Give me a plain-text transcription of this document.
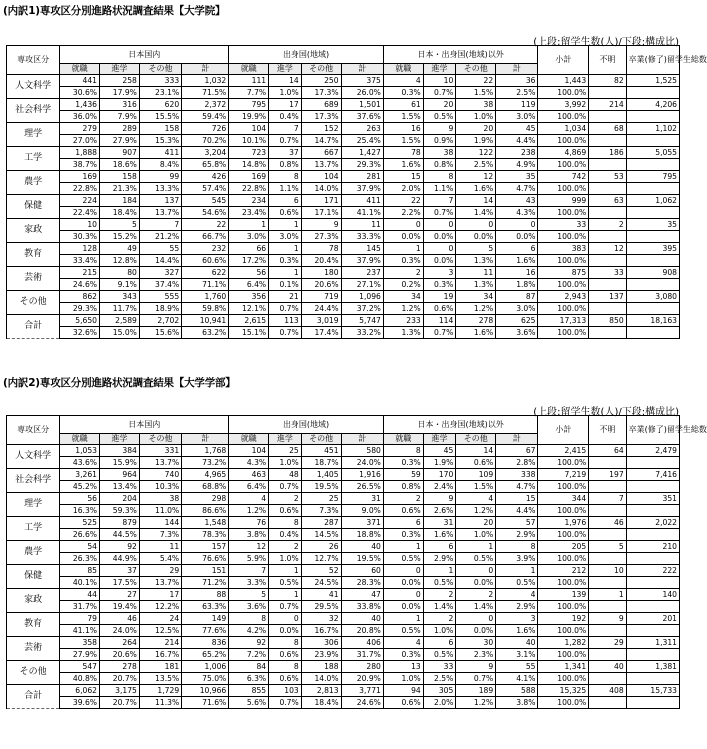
(内訳1)専攻区分別進路状況調査結果【大学院】
(上段:留学生数(人)/下段:構成比)
専攻区分	日本国内				出身国(地域)				日本・出身国(地域)以外				小計	不明	卒業(修了)留学生総数
	就職	進学	その他	計	就職	進学	その他	計	就職	進学	その他	計			
人文科学	441	258	333	1,032	111	14	250	375	4	10	22	36	1,443	82	1,525
	30.6%	17.9%	23.1%	71.5%	7.7%	1.0%	17.3%	26.0%	0.3%	0.7%	1.5%	2.5%	100.0%		
社会科学	1,436	316	620	2,372	795	17	689	1,501	61	20	38	119	3,992	214	4,206
	36.0%	7.9%	15.5%	59.4%	19.9%	0.4%	17.3%	37.6%	1.5%	0.5%	1.0%	3.0%	100.0%		
理学	279	289	158	726	104	7	152	263	16	9	20	45	1,034	68	1,102
	27.0%	27.9%	15.3%	70.2%	10.1%	0.7%	14.7%	25.4%	1.5%	0.9%	1.9%	4.4%	100.0%		
工学	1,888	907	411	3,204	723	37	667	1,427	78	38	122	238	4,869	186	5,055
	38.7%	18.6%	8.4%	65.8%	14.8%	0.8%	13.7%	29.3%	1.6%	0.8%	2.5%	4.9%	100.0%		
農学	169	158	99	426	169	8	104	281	15	8	12	35	742	53	795
	22.8%	21.3%	13.3%	57.4%	22.8%	1.1%	14.0%	37.9%	2.0%	1.1%	1.6%	4.7%	100.0%		
保健	224	184	137	545	234	6	171	411	22	7	14	43	999	63	1,062
	22.4%	18.4%	13.7%	54.6%	23.4%	0.6%	17.1%	41.1%	2.2%	0.7%	1.4%	4.3%	100.0%		
家政	10	5	7	22	1	1	9	11	0	0	0	0	33	2	35
	30.3%	15.2%	21.2%	66.7%	3.0%	3.0%	27.3%	33.3%	0.0%	0.0%	0.0%	0.0%	100.0%		
教育	128	49	55	232	66	1	78	145	1	0	5	6	383	12	395
	33.4%	12.8%	14.4%	60.6%	17.2%	0.3%	20.4%	37.9%	0.3%	0.0%	1.3%	1.6%	100.0%		
芸術	215	80	327	622	56	1	180	237	2	3	11	16	875	33	908
	24.6%	9.1%	37.4%	71.1%	6.4%	0.1%	20.6%	27.1%	0.2%	0.3%	1.3%	1.8%	100.0%		
その他	862	343	555	1,760	356	21	719	1,096	34	19	34	87	2,943	137	3,080
	29.3%	11.7%	18.9%	59.8%	12.1%	0.7%	24.4%	37.2%	1.2%	0.6%	1.2%	3.0%	100.0%		
合計	5,650	2,589	2,702	10,941	2,615	113	3,019	5,747	233	114	278	625	17,313	850	18,163
	32.6%	15.0%	15.6%	63.2%	15.1%	0.7%	17.4%	33.2%	1.3%	0.7%	1.6%	3.6%	100.0%		
(内訳2)専攻区分別進路状況調査結果【大学学部】
(上段:留学生数(人)/下段:構成比)
専攻区分	日本国内				出身国(地域)				日本・出身国(地域)以外				小計	不明	卒業(修了)留学生総数
	就職	進学	その他	計	就職	進学	その他	計	就職	進学	その他	計			
人文科学	1,053	384	331	1,768	104	25	451	580	8	45	14	67	2,415	64	2,479
	43.6%	15.9%	13.7%	73.2%	4.3%	1.0%	18.7%	24.0%	0.3%	1.9%	0.6%	2.8%	100.0%		
社会科学	3,261	964	740	4,965	463	48	1,405	1,916	59	170	109	338	7,219	197	7,416
	45.2%	13.4%	10.3%	68.8%	6.4%	0.7%	19.5%	26.5%	0.8%	2.4%	1.5%	4.7%	100.0%		
理学	56	204	38	298	4	2	25	31	2	9	4	15	344	7	351
	16.3%	59.3%	11.0%	86.6%	1.2%	0.6%	7.3%	9.0%	0.6%	2.6%	1.2%	4.4%	100.0%		
工学	525	879	144	1,548	76	8	287	371	6	31	20	57	1,976	46	2,022
	26.6%	44.5%	7.3%	78.3%	3.8%	0.4%	14.5%	18.8%	0.3%	1.6%	1.0%	2.9%	100.0%		
農学	54	92	11	157	12	2	26	40	1	6	1	8	205	5	210
	26.3%	44.9%	5.4%	76.6%	5.9%	1.0%	12.7%	19.5%	0.5%	2.9%	0.5%	3.9%	100.0%		
保健	85	37	29	151	7	1	52	60	0	1	0	1	212	10	222
	40.1%	17.5%	13.7%	71.2%	3.3%	0.5%	24.5%	28.3%	0.0%	0.5%	0.0%	0.5%	100.0%		
家政	44	27	17	88	5	1	41	47	0	2	2	4	139	1	140
	31.7%	19.4%	12.2%	63.3%	3.6%	0.7%	29.5%	33.8%	0.0%	1.4%	1.4%	2.9%	100.0%		
教育	79	46	24	149	8	0	32	40	1	2	0	3	192	9	201
	41.1%	24.0%	12.5%	77.6%	4.2%	0.0%	16.7%	20.8%	0.5%	1.0%	0.0%	1.6%	100.0%		
芸術	358	264	214	836	92	8	306	406	4	6	30	40	1,282	29	1,311
	27.9%	20.6%	16.7%	65.2%	7.2%	0.6%	23.9%	31.7%	0.3%	0.5%	2.3%	3.1%	100.0%		
その他	547	278	181	1,006	84	8	188	280	13	33	9	55	1,341	40	1,381
	40.8%	20.7%	13.5%	75.0%	6.3%	0.6%	14.0%	20.9%	1.0%	2.5%	0.7%	4.1%	100.0%		
合計	6,062	3,175	1,729	10,966	855	103	2,813	3,771	94	305	189	588	15,325	408	15,733
	39.6%	20.7%	11.3%	71.6%	5.6%	0.7%	18.4%	24.6%	0.6%	2.0%	1.2%	3.8%	100.0%		
